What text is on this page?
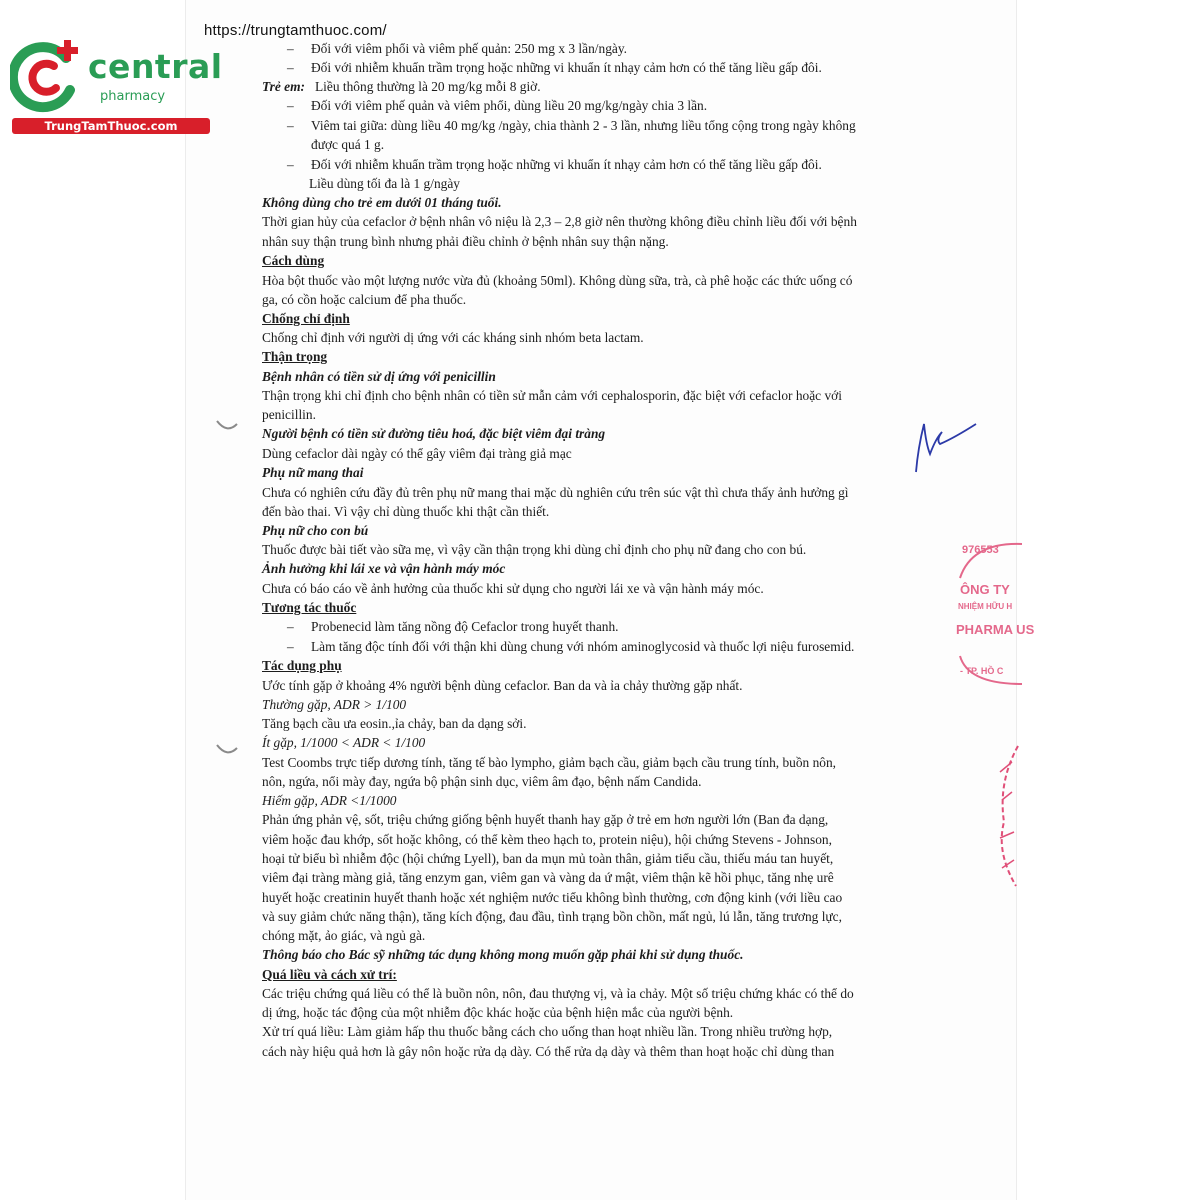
https://trungtamthuoc.com/
central
pharmacy
TrungTamThuoc.com
– Đối với viêm phổi và viêm phế quản: 250 mg x 3 lần/ngày.
– Đối với nhiễm khuẩn trầm trọng hoặc những vi khuẩn ít nhạy cảm hơn có thể tăng liều gấp đôi.
Trẻ em: Liều thông thường là 20 mg/kg mỗi 8 giờ.
– Đối với viêm phế quản và viêm phổi, dùng liều 20 mg/kg/ngày chia 3 lần.
– Viêm tai giữa: dùng liều 40 mg/kg /ngày, chia thành 2 - 3 lần, nhưng liều tổng cộng trong ngày không
được quá 1 g.
– Đối với nhiễm khuẩn trầm trọng hoặc những vi khuẩn ít nhạy cảm hơn có thể tăng liều gấp đôi.
Liều dùng tối đa là 1 g/ngày
Không dùng cho trẻ em dưới 01 tháng tuổi.
Thời gian hủy của cefaclor ở bệnh nhân vô niệu là 2,3 – 2,8 giờ nên thường không điều chỉnh liều đối với bệnh
nhân suy thận trung bình nhưng phải điều chỉnh ở bệnh nhân suy thận nặng.
Cách dùng
Hòa bột thuốc vào một lượng nước vừa đủ (khoảng 50ml). Không dùng sữa, trà, cà phê hoặc các thức uống có
ga, có cồn hoặc calcium để pha thuốc.
Chống chỉ định
Chống chỉ định với người dị ứng với các kháng sinh nhóm beta lactam.
Thận trọng
Bệnh nhân có tiền sử dị ứng với penicillin
Thận trọng khi chỉ định cho bệnh nhân có tiền sử mẫn cảm với cephalosporin, đặc biệt với cefaclor hoặc với
penicillin.
Người bệnh có tiền sử đường tiêu hoá, đặc biệt viêm đại tràng
Dùng cefaclor dài ngày có thể gây viêm đại tràng giả mạc
Phụ nữ mang thai
Chưa có nghiên cứu đầy đủ trên phụ nữ mang thai mặc dù nghiên cứu trên súc vật thì chưa thấy ảnh hưởng gì
đến bào thai. Vì vậy chỉ dùng thuốc khi thật cần thiết.
Phụ nữ cho con bú
Thuốc được bài tiết vào sữa mẹ, vì vậy cần thận trọng khi dùng chỉ định cho phụ nữ đang cho con bú.
Ảnh hưởng khi lái xe và vận hành máy móc
Chưa có báo cáo về ảnh hưởng của thuốc khi sử dụng cho người lái xe và vận hành máy móc.
Tương tác thuốc
– Probenecid làm tăng nồng độ Cefaclor trong huyết thanh.
– Làm tăng độc tính đối với thận khi dùng chung với nhóm aminoglycosid và thuốc lợi niệu furosemid.
Tác dụng phụ
Ước tính gặp ở khoảng 4% người bệnh dùng cefaclor. Ban da và ỉa chảy thường gặp nhất.
Thường gặp, ADR > 1/100
Tăng bạch cầu ưa eosin.,ỉa chảy, ban da dạng sởi.
Ít gặp, 1/1000 < ADR < 1/100
Test Coombs trực tiếp dương tính, tăng tế bào lympho, giảm bạch cầu, giảm bạch cầu trung tính, buồn nôn,
nôn, ngứa, nổi mày đay, ngứa bộ phận sinh dục, viêm âm đạo, bệnh nấm Candida.
Hiếm gặp, ADR <1/1000
Phản ứng phản vệ, sốt, triệu chứng giống bệnh huyết thanh hay gặp ở trẻ em hơn người lớn (Ban đa dạng,
viêm hoặc đau khớp, sốt hoặc không, có thể kèm theo hạch to, protein niệu), hội chứng Stevens - Johnson,
hoại tử biểu bì nhiễm độc (hội chứng Lyell), ban da mụn mủ toàn thân, giảm tiểu cầu, thiếu máu tan huyết,
viêm đại tràng màng giả, tăng enzym gan, viêm gan và vàng da ứ mật, viêm thận kẽ hồi phục, tăng nhẹ urê
huyết hoặc creatinin huyết thanh hoặc xét nghiệm nước tiểu không bình thường, cơn động kinh (với liều cao
và suy giảm chức năng thận), tăng kích động, đau đầu, tình trạng bồn chồn, mất ngủ, lú lẫn, tăng trương lực,
chóng mặt, ảo giác, và ngủ gà.
Thông báo cho Bác sỹ những tác dụng không mong muốn gặp phải khi sử dụng thuốc.
Quá liều và cách xử trí:
Các triệu chứng quá liều có thể là buồn nôn, nôn, đau thượng vị, và ỉa chảy. Một số triệu chứng khác có thể do
dị ứng, hoặc tác động của một nhiễm độc khác hoặc của bệnh hiện mắc của người bệnh.
Xử trí quá liều: Làm giảm hấp thu thuốc bằng cách cho uống than hoạt nhiều lần. Trong nhiều trường hợp,
cách này hiệu quả hơn là gây nôn hoặc rửa dạ dày. Có thể rửa dạ dày và thêm than hoạt hoặc chỉ dùng than
976553
ÔNG TY
NHIỆM HỮU H
PHARMA US
- TP. HỒ C
